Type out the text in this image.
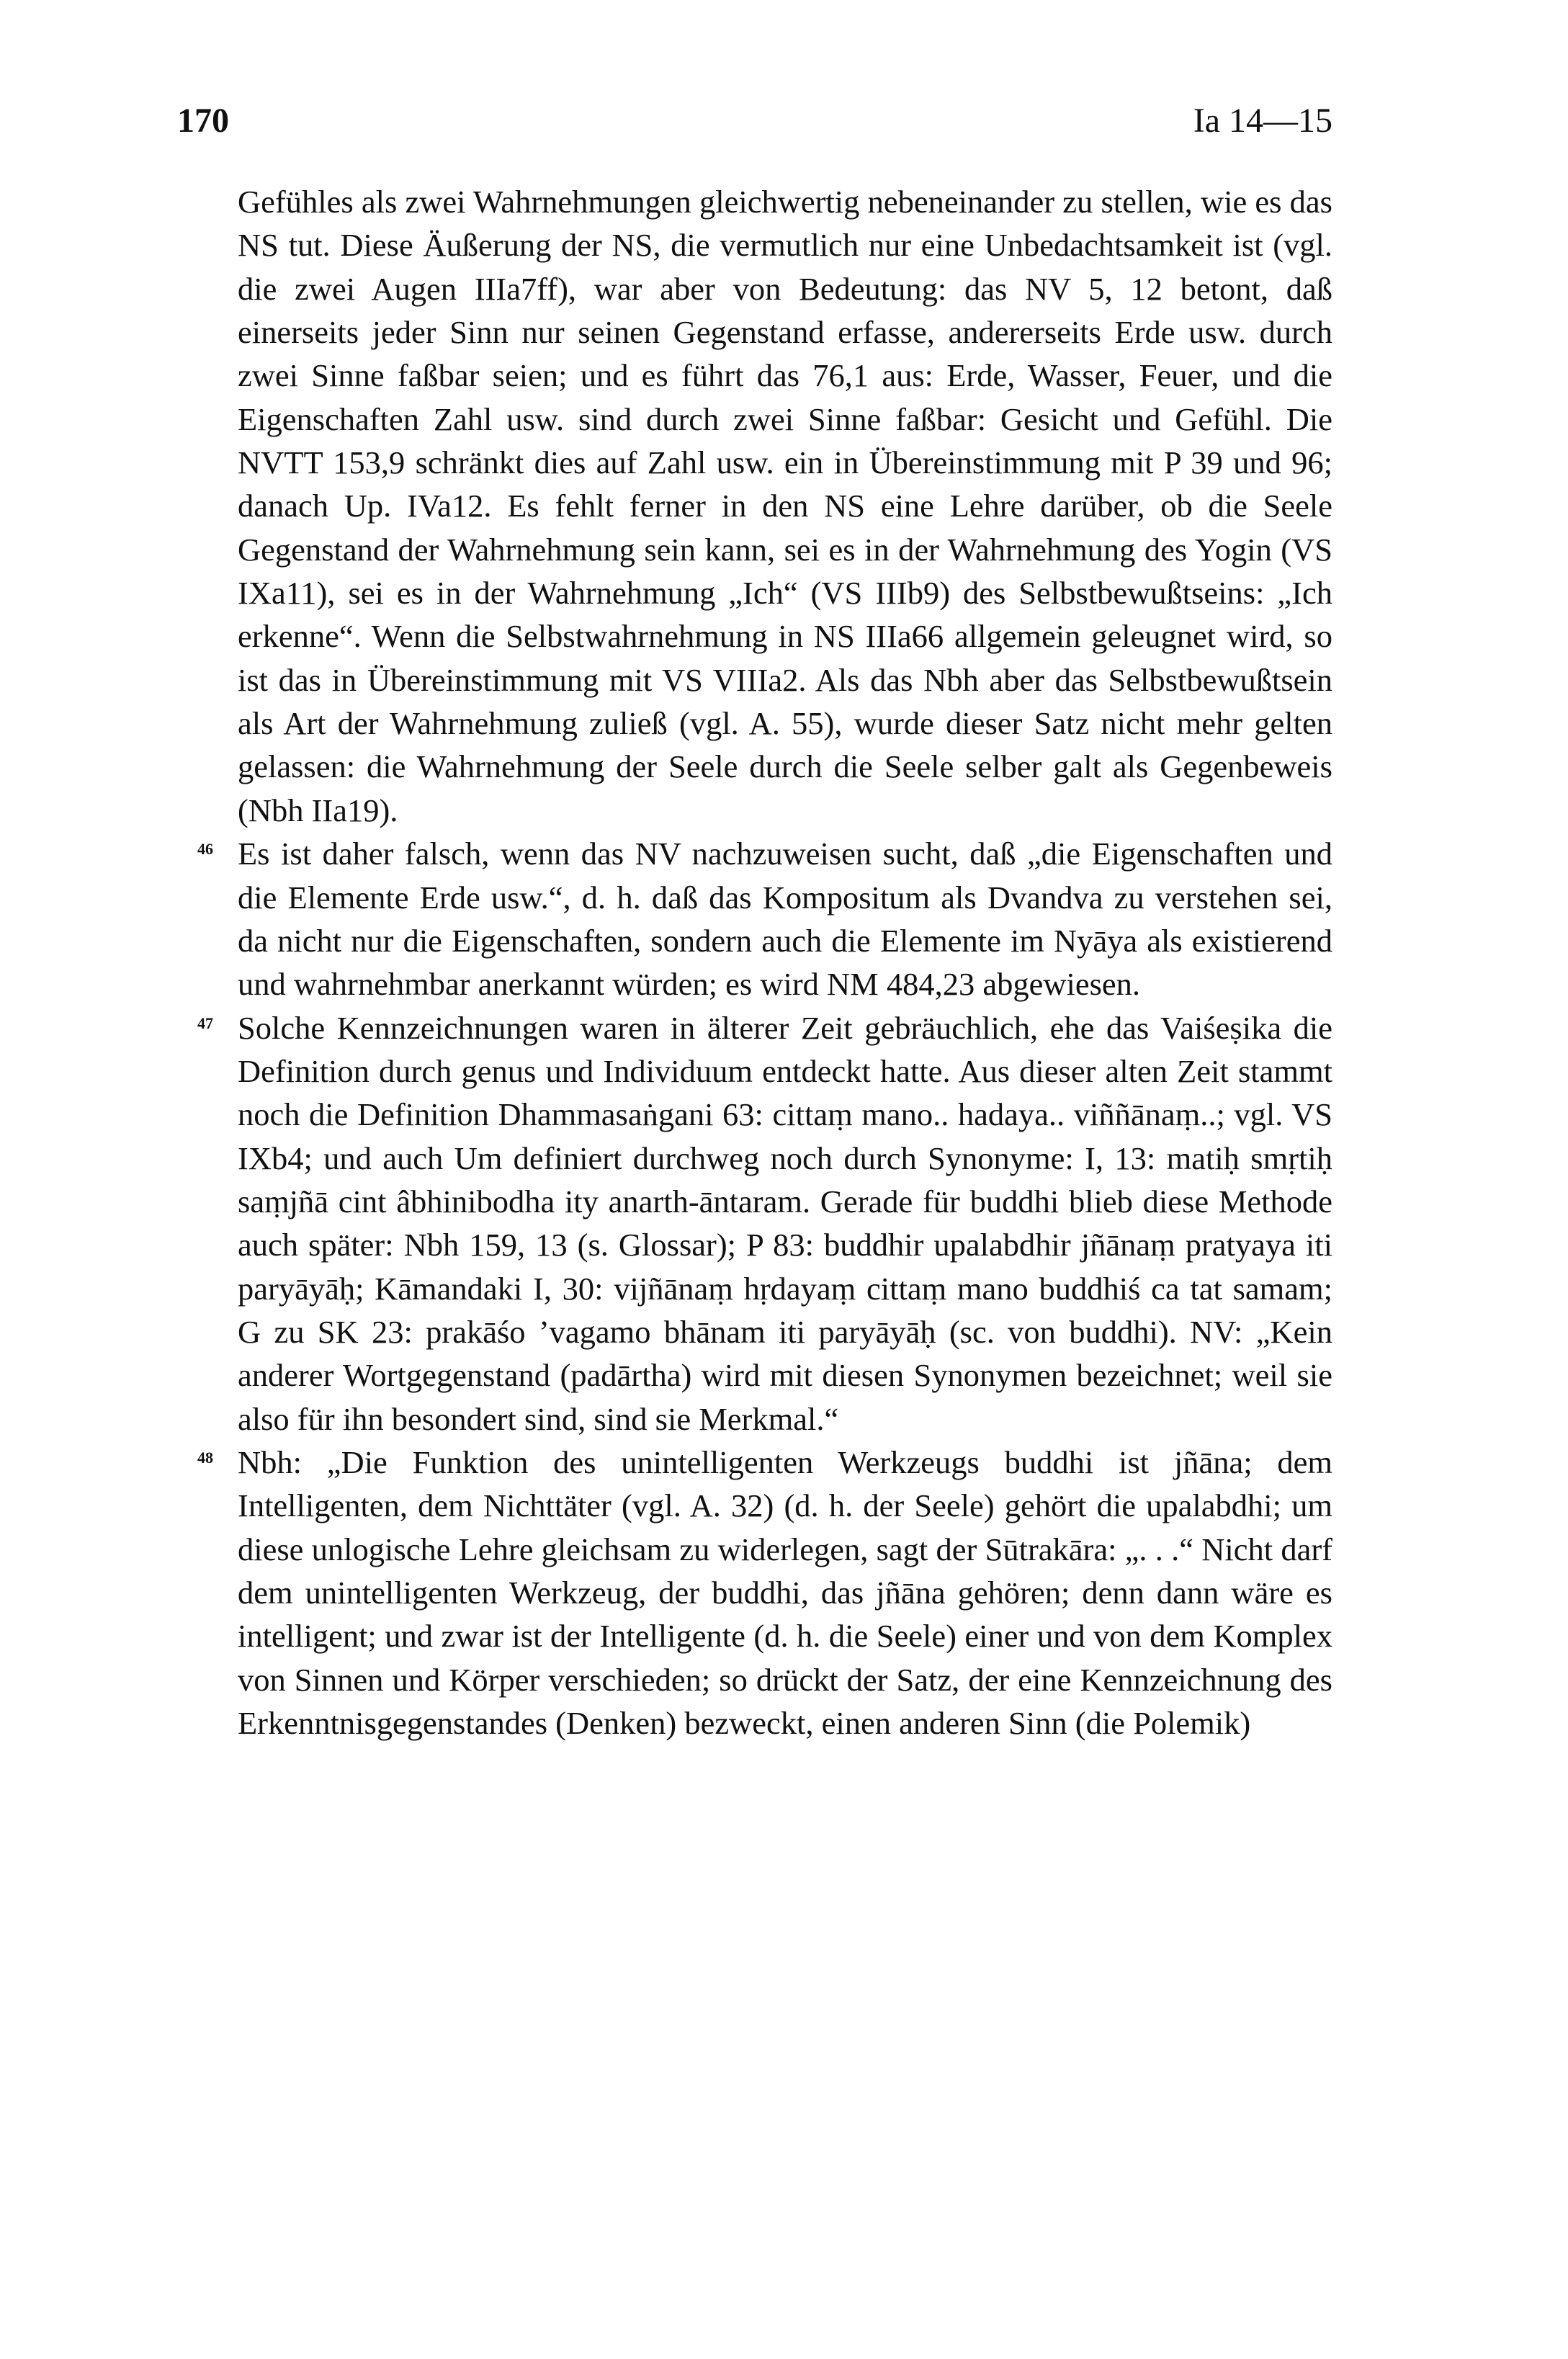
170	Ia 14—15

Gefühles als zwei Wahrnehmungen gleichwertig nebeneinander zu stellen, wie es das NS tut. Diese Äußerung der NS, die vermutlich nur eine Unbedachtsamkeit ist (vgl. die zwei Augen IIIa7ff), war aber von Bedeutung: das NV 5, 12 betont, daß einerseits jeder Sinn nur seinen Gegenstand erfasse, andererseits Erde usw. durch zwei Sinne faßbar seien; und es führt das 76,1 aus: Erde, Wasser, Feuer, und die Eigenschaften Zahl usw. sind durch zwei Sinne faßbar: Gesicht und Gefühl. Die NVTT 153,9 schränkt dies auf Zahl usw. ein in Übereinstimmung mit P 39 und 96; danach Up. IVa12. Es fehlt ferner in den NS eine Lehre darüber, ob die Seele Gegenstand der Wahrnehmung sein kann, sei es in der Wahrnehmung des Yogin (VS IXa11), sei es in der Wahrnehmung „Ich“ (VS IIIb9) des Selbstbewußtseins: „Ich erkenne“. Wenn die Selbstwahrnehmung in NS IIIa66 allgemein geleugnet wird, so ist das in Übereinstimmung mit VS VIIIa2. Als das Nbh aber das Selbstbewußtsein als Art der Wahrnehmung zuließ (vgl. A. 55), wurde dieser Satz nicht mehr gelten gelassen: die Wahrnehmung der Seele durch die Seele selber galt als Gegenbeweis (Nbh IIa19).

46 Es ist daher falsch, wenn das NV nachzuweisen sucht, daß „die Eigenschaften und die Elemente Erde usw.“, d. h. daß das Kompositum als Dvandva zu verstehen sei, da nicht nur die Eigenschaften, sondern auch die Elemente im Nyāya als existierend und wahrnehmbar anerkannt würden; es wird NM 484,23 abgewiesen.

47 Solche Kennzeichnungen waren in älterer Zeit gebräuchlich, ehe das Vaiśeṣika die Definition durch genus und Individuum entdeckt hatte. Aus dieser alten Zeit stammt noch die Definition Dhammasaṅgani 63: cittaṃ mano.. hadaya.. viññānaṃ..; vgl. VS IXb4; und auch Um definiert durchweg noch durch Synonyme: I, 13: matiḥ smṛtiḥ saṃjñā cint âbhinibodha ity anarth-āntaram. Gerade für buddhi blieb diese Methode auch später: Nbh 159, 13 (s. Glossar); P 83: buddhir upalabdhir jñānaṃ pratyaya iti paryāyāḥ; Kāmandaki I, 30: vijñānaṃ hṛdayaṃ cittaṃ mano buddhiś ca tat samam; G zu SK 23: prakāśo ʼvagamo bhānam iti paryāyāḥ (sc. von buddhi). NV: „Kein anderer Wortgegenstand (padārtha) wird mit diesen Synonymen bezeichnet; weil sie also für ihn besondert sind, sind sie Merkmal.“

48 Nbh: „Die Funktion des unintelligenten Werkzeugs buddhi ist jñāna; dem Intelligenten, dem Nichttäter (vgl. A. 32) (d. h. der Seele) gehört die upalabdhi; um diese unlogische Lehre gleichsam zu widerlegen, sagt der Sūtrakāra: „. . .“ Nicht darf dem unintelligenten Werkzeug, der buddhi, das jñāna gehören; denn dann wäre es intelligent; und zwar ist der Intelligente (d. h. die Seele) einer und von dem Komplex von Sinnen und Körper verschieden; so drückt der Satz, der eine Kennzeichnung des Erkenntnisgegenstandes (Denken) bezweckt, einen anderen Sinn (die Polemik)
